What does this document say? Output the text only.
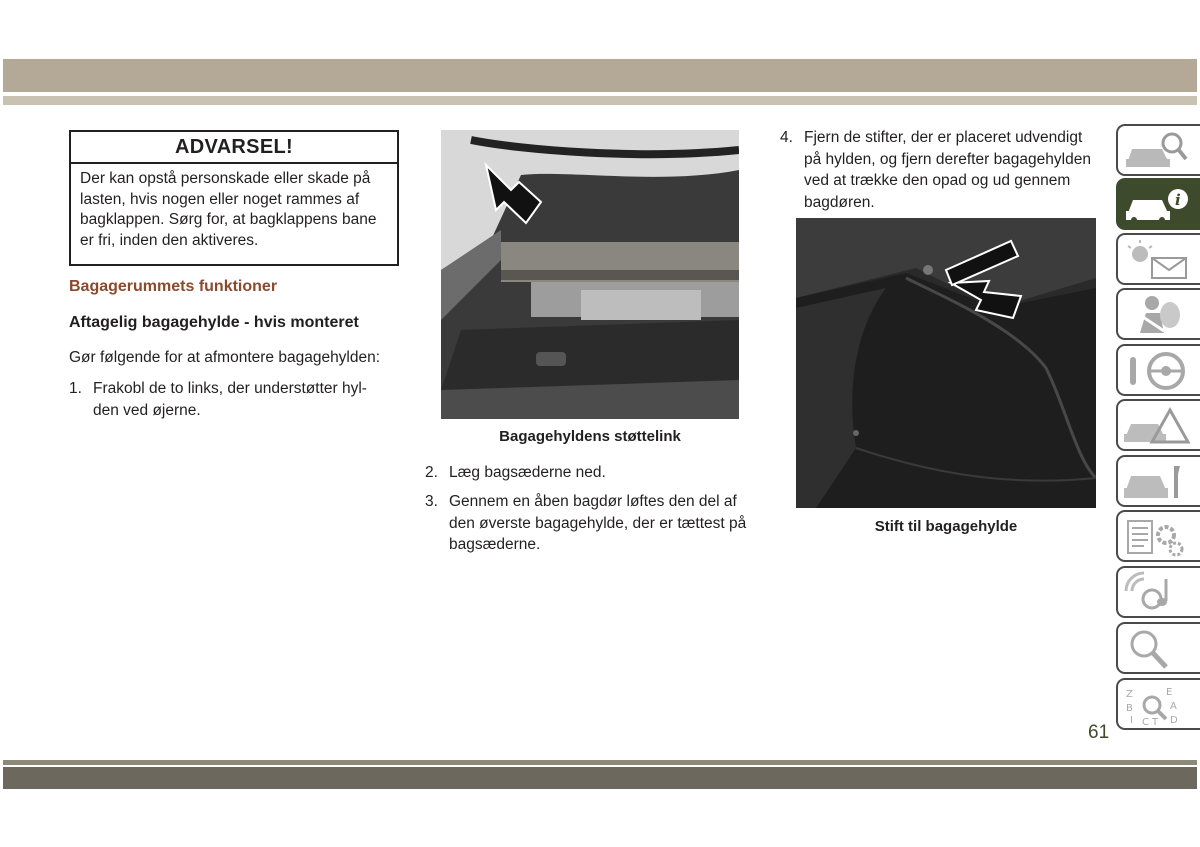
ADVARSEL!
Der kan opstå personskade eller skade på
lasten, hvis nogen eller noget rammes af
bagklappen. Sørg for, at bagklappens bane
er fri, inden den aktiveres.
Bagagerummets funktioner
Aftagelig bagagehylde - hvis monteret
Gør følgende for at afmontere bagagehylden:
1. Frakobl de to links, der understøtter hyl-
den ved øjerne.
Bagagehyldens støttelink
2. Læg bagsæderne ned.
3. Gennem en åben bagdør løftes den del af
den øverste bagagehylde, der er tættest på
bagsæderne.
4. Fjern de stifter, der er placeret udvendigt
på hylden, og fjern derefter bagagehylden
ved at trække den opad og ud gennem
bagdøren.
Stift til bagagehylde
i
Z	E
B	A
I C T D
61
